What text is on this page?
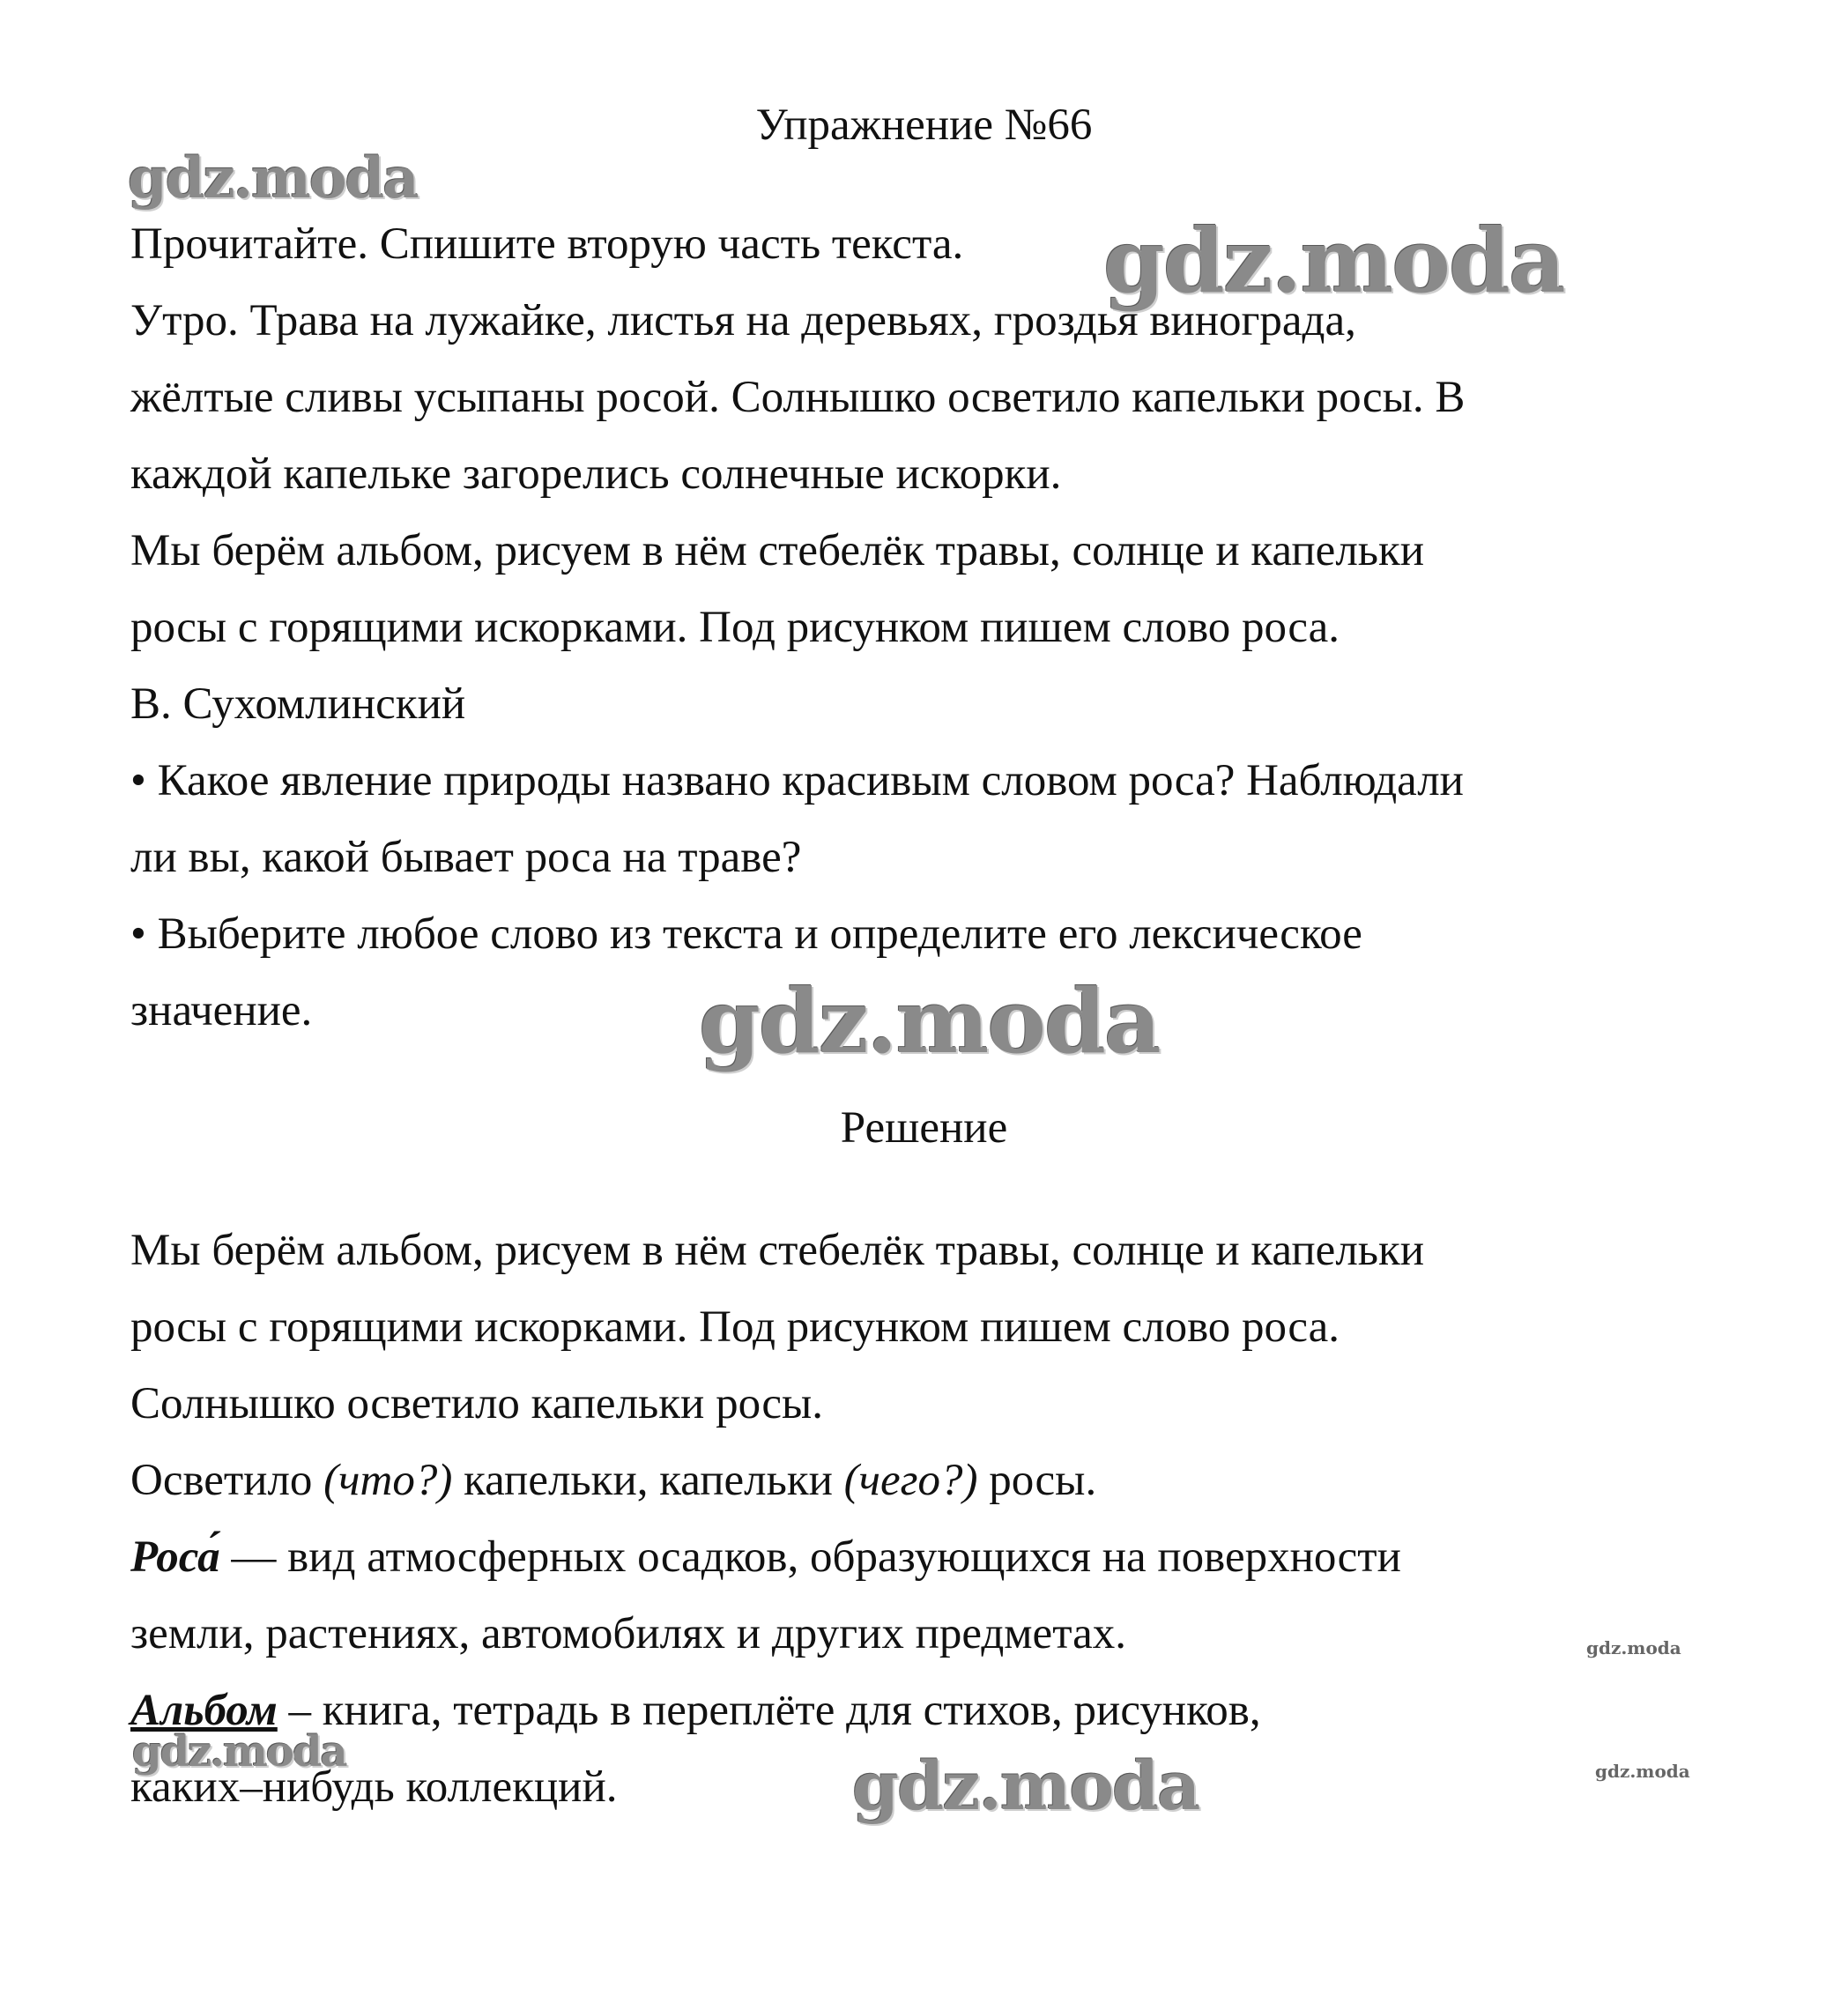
Упражнение №66
Прочитайте. Спишите вторую часть текста.
Утро. Трава на лужайке, листья на деревьях, гроздья винограда,
жёлтые сливы усыпаны росой. Солнышко осветило капельки росы. В
каждой капельке загорелись солнечные искорки.
Мы берём альбом, рисуем в нём стебелёк травы, солнце и капельки
росы с горящими искорками. Под рисунком пишем слово роса.
В. Сухомлинский
• Какое явление природы названо красивым словом роса? Наблюдали
ли вы, какой бывает роса на траве?
• Выберите любое слово из текста и определите его лексическое
значение.
Решение
Мы берём альбом, рисуем в нём стебелёк травы, солнце и капельки
росы с горящими искорками. Под рисунком пишем слово роса.
Солнышко осветило капельки росы.
Осветило (что?) капельки, капельки (чего?) росы.
Роса́ — вид атмосферных осадков, образующихся на поверхности
земли, растениях, автомобилях и других предметах.
Альбом – книга, тетрадь в переплёте для стихов, рисунков,
каких–нибудь коллекций.
gdz.moda
gdz.moda
gdz.moda
gdz.moda	gdz.moda
gdz.moda
gdz.moda
